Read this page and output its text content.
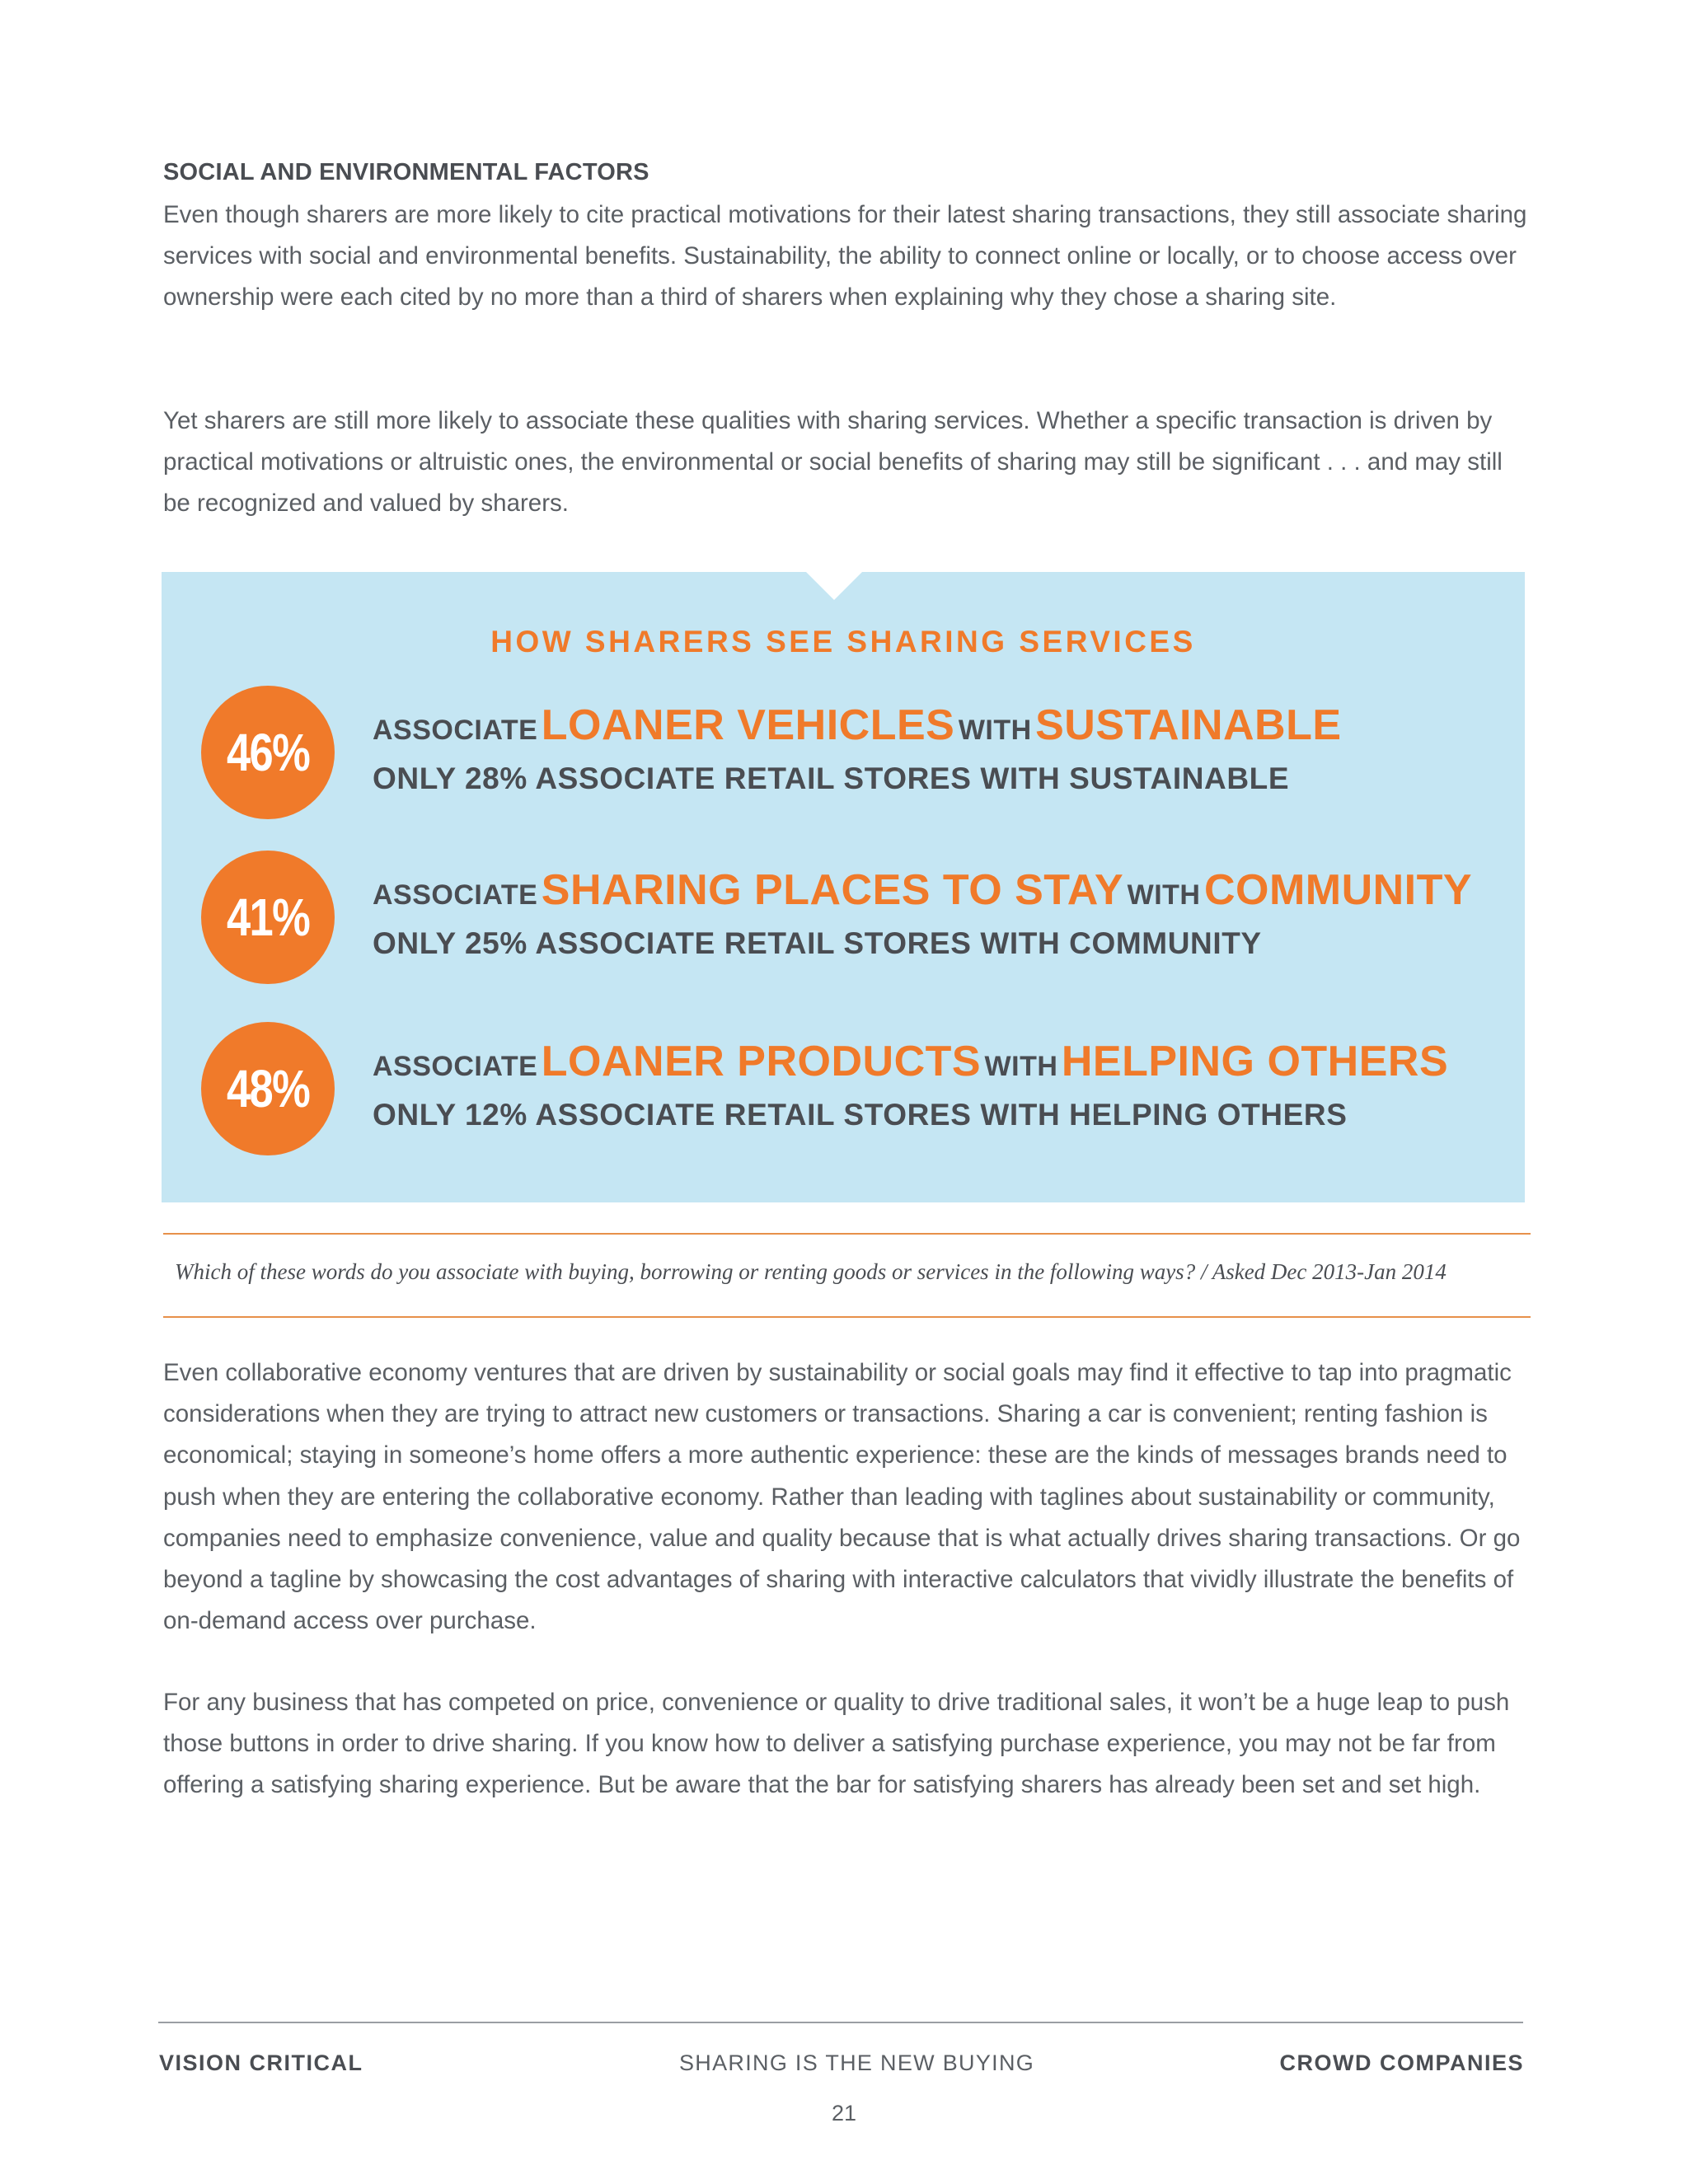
SOCIAL AND ENVIRONMENTAL FACTORS

Even though sharers are more likely to cite practical motivations for their latest sharing transactions, they still associate sharing services with social and environmental benefits. Sustainability, the ability to connect online or locally, or to choose access over ownership were each cited by no more than a third of sharers when explaining why they chose a sharing site.

Yet sharers are still more likely to associate these qualities with sharing services. Whether a specific transaction is driven by practical motivations or altruistic ones, the environmental or social benefits of sharing may still be significant . . . and may still be recognized and valued by sharers.

HOW SHARERS SEE SHARING SERVICES
46% ASSOCIATE LOANER VEHICLES WITH SUSTAINABLE
ONLY 28% ASSOCIATE RETAIL STORES WITH SUSTAINABLE
41% ASSOCIATE SHARING PLACES TO STAY WITH COMMUNITY
ONLY 25% ASSOCIATE RETAIL STORES WITH COMMUNITY
48% ASSOCIATE LOANER PRODUCTS WITH HELPING OTHERS
ONLY 12% ASSOCIATE RETAIL STORES WITH HELPING OTHERS
Which of these words do you associate with buying, borrowing or renting goods or services in the following ways? / Asked Dec 2013-Jan 2014

Even collaborative economy ventures that are driven by sustainability or social goals may find it effective to tap into pragmatic considerations when they are trying to attract new customers or transactions. Sharing a car is convenient; renting fashion is economical; staying in someone’s home offers a more authentic experience: these are the kinds of messages brands need to push when they are entering the collaborative economy. Rather than leading with taglines about sustainability or community, companies need to emphasize convenience, value and quality because that is what actually drives sharing transactions. Or go beyond a tagline by showcasing the cost advantages of sharing with interactive calculators that vividly illustrate the benefits of on-demand access over purchase.

For any business that has competed on price, convenience or quality to drive traditional sales, it won’t be a huge leap to push those buttons in order to drive sharing. If you know how to deliver a satisfying purchase experience, you may not be far from offering a satisfying sharing experience. But be aware that the bar for satisfying sharers has already been set and set high.

VISION CRITICAL	SHARING IS THE NEW BUYING	CROWD COMPANIES
21
